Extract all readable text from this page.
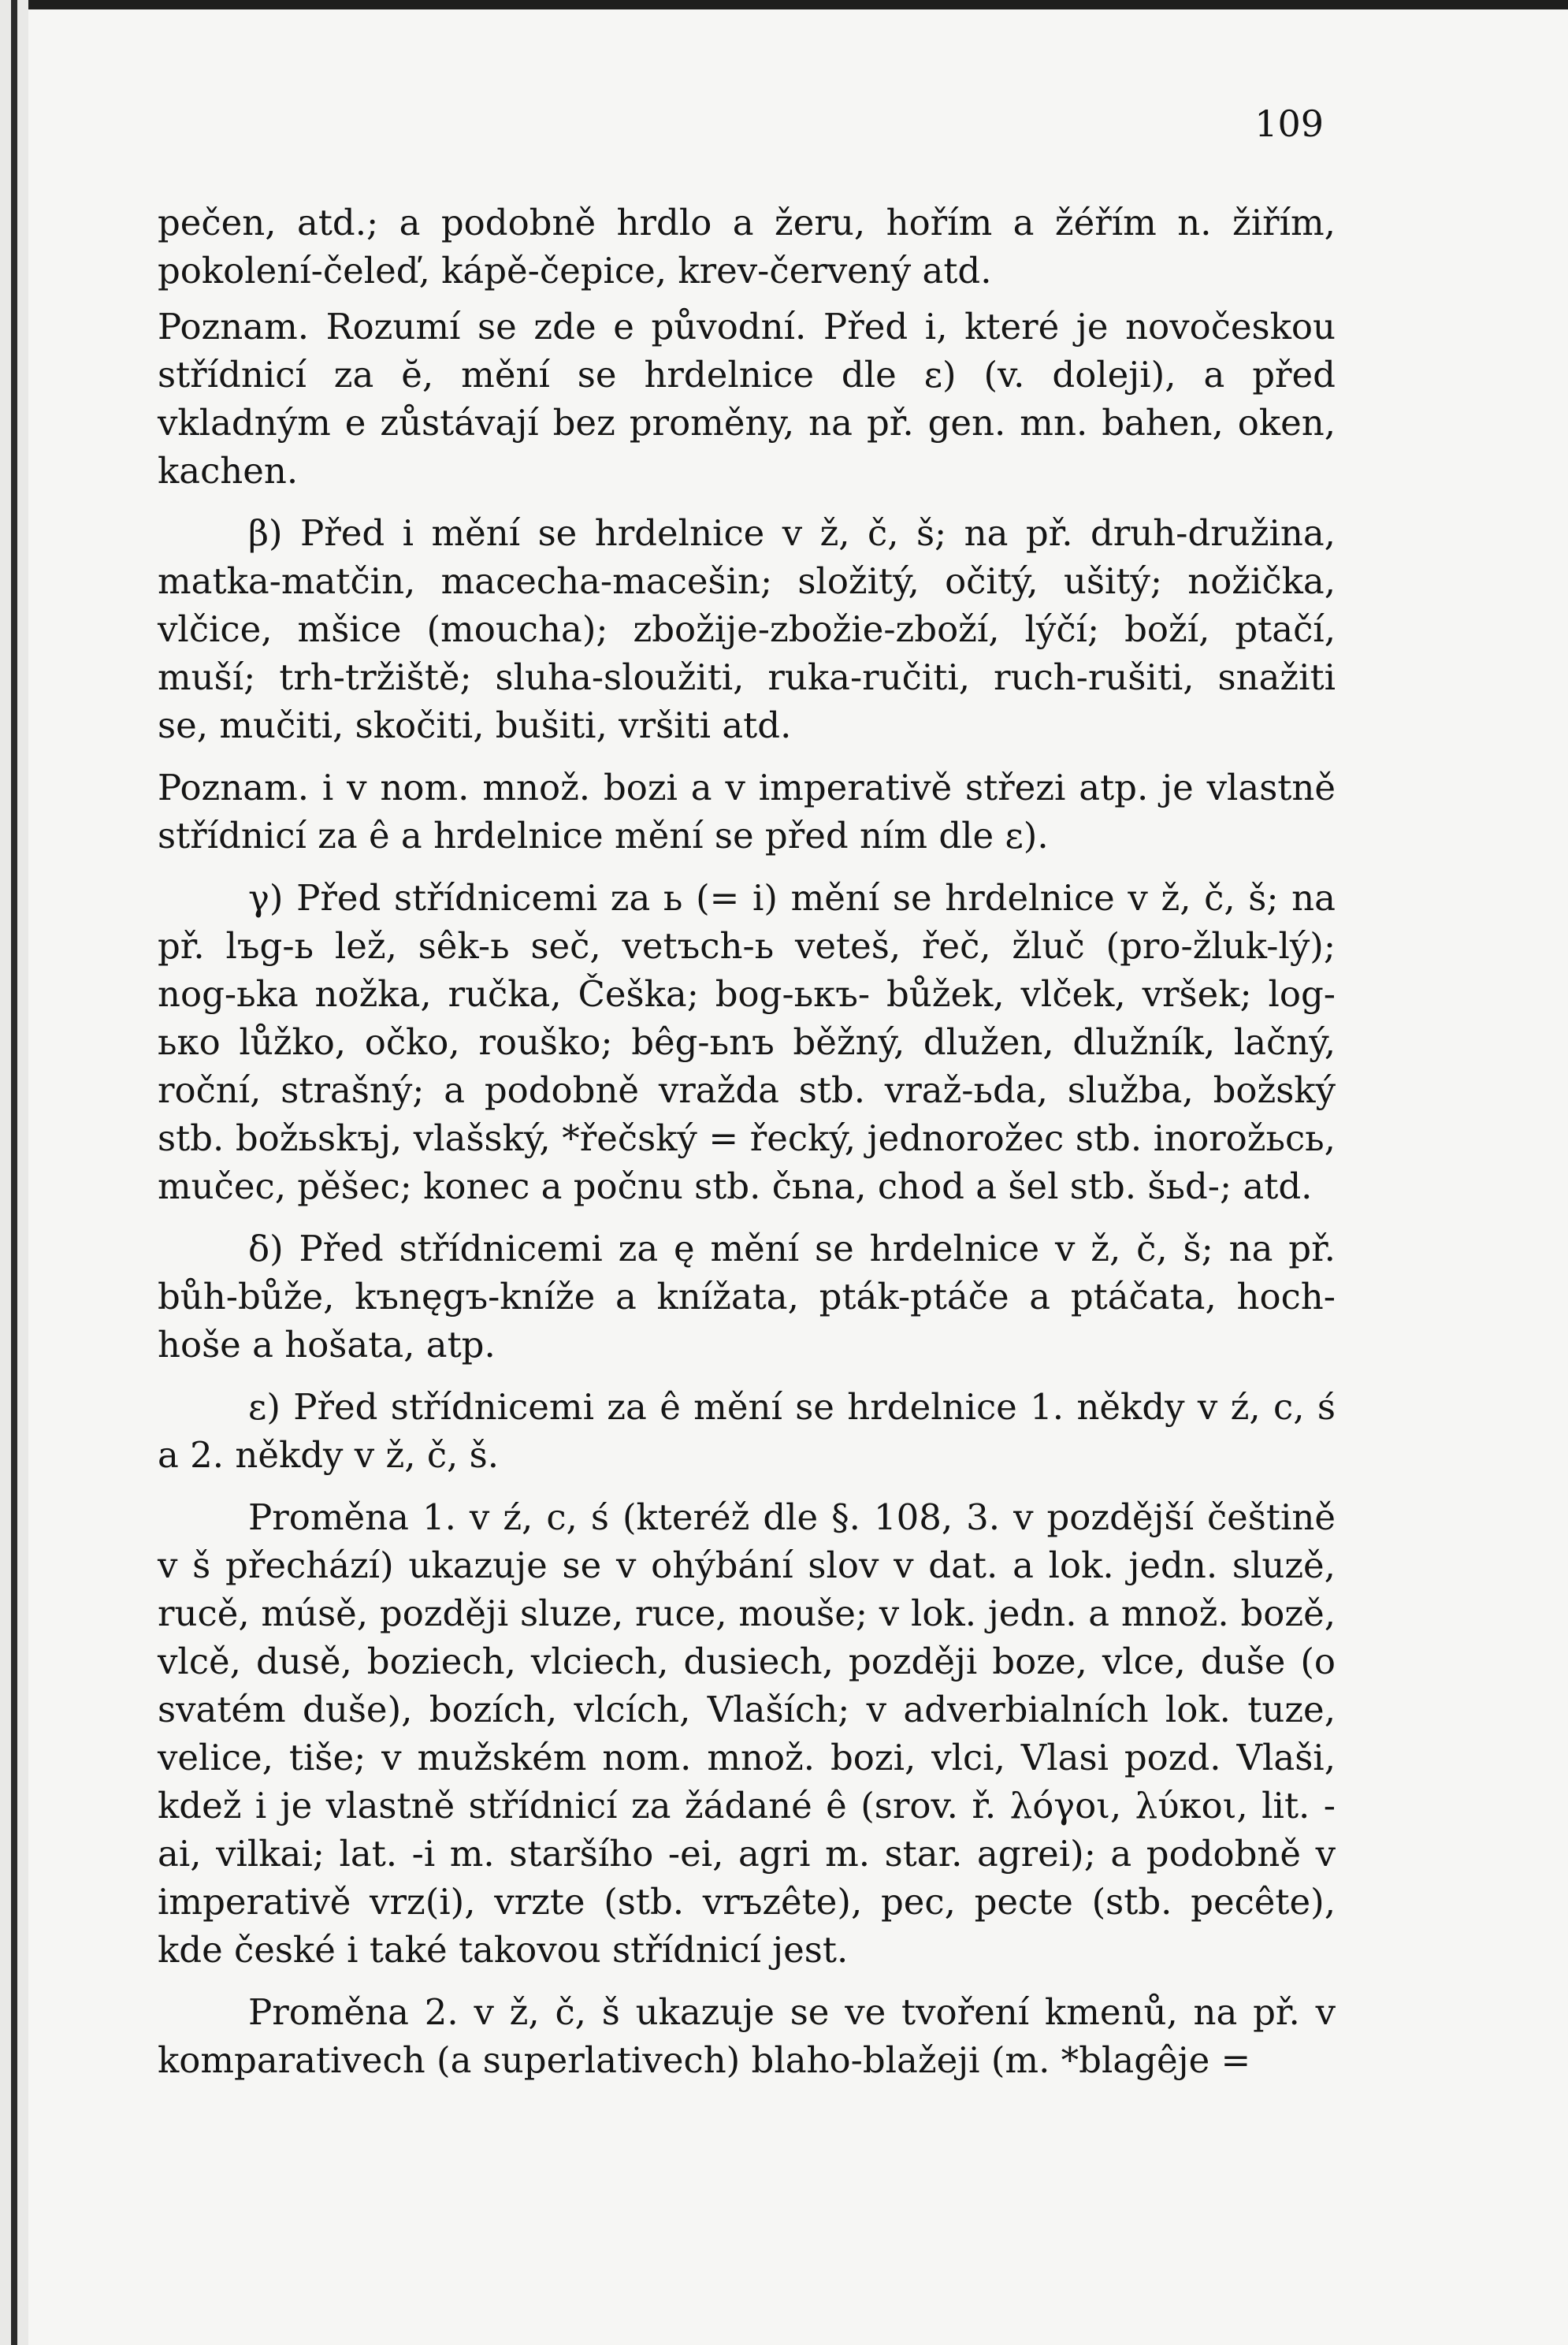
109

pečen, atd.; a podobně hrdlo a žeru, hořím a žéřím n. žiřím, pokolení-čeleď, kápě-čepice, krev-červený atd.

Poznam. Rozumí se zde e původní. Před i, které je novočeskou střídnicí za ĕ, mění se hrdelnice dle ε) (v. doleji), a před vkladným e zůstávají bez proměny, na př. gen. mn. bahen, oken, kachen.

β) Před i mění se hrdelnice v ž, č, š; na př. druh-družina, matka-matčin, macecha-macešin; složitý, očitý, ušitý; nožička, vlčice, mšice (moucha); zbožije-zbožie-zboží, lýčí; boží, ptačí, muší; trh-tržiště; sluha-sloužiti, ruka-ručiti, ruch-rušiti, snažiti se, mučiti, skočiti, bušiti, vršiti atd.

Poznam. i v nom. množ. bozi a v imperativě střezi atp. je vlastně střídnicí za ê a hrdelnice mění se před ním dle ε).

γ) Před střídnicemi za ь (= i) mění se hrdelnice v ž, č, š; na př. lъg-ь lež, sêk-ь seč, vetъch-ь veteš, řeč, žluč (pro-žluk-lý); nog-ьka nožka, ručka, Češka; bog-ькъ- bůžek, vlček, vršek; log-ько lůžko, očko, rouško; bêg-ьnъ běžný, dlužen, dlužník, lačný, roční, strašný; a podobně vražda stb. vraž-ьda, služba, božský stb. božьskъj, vlašský, *řečský = řecký, jednorožec stb. inorožьcь, mučec, pěšec; konec a počnu stb. čьna, chod a šel stb. šьd-; atd.

δ) Před střídnicemi za ę mění se hrdelnice v ž, č, š; na př. bůh-bůže, kъnęgъ-kníže a knížata, pták-ptáče a ptáčata, hoch-hoše a hošata, atp.

ε) Před střídnicemi za ê mění se hrdelnice 1. někdy v ź, c, ś a 2. někdy v ž, č, š.

Proměna 1. v ź, c, ś (kteréž dle §. 108, 3. v pozdější češtině v š přechází) ukazuje se v ohýbání slov v dat. a lok. jedn. sluzě, rucě, músě, později sluze, ruce, mouše; v lok. jedn. a množ. bozě, vlcě, dusě, boziech, vlciech, dusiech, později boze, vlce, duše (o svatém duše), bozích, vlcích, Vlaších; v adverbialních lok. tuze, velice, tiše; v mužském nom. množ. bozi, vlci, Vlasi pozd. Vlaši, kdež i je vlastně střídnicí za žádané ê (srov. ř. λόγοι, λύκοι, lit. -ai, vilkai; lat. -i m. staršího -ei, agri m. star. agrei); a podobně v imperativě vrz(i), vrzte (stb. vrъzête), pec, pecte (stb. pecête), kde české i také takovou střídnicí jest.

Proměna 2. v ž, č, š ukazuje se ve tvoření kmenů, na př. v komparativech (a superlativech) blaho-blažeji (m. *blagêje =
